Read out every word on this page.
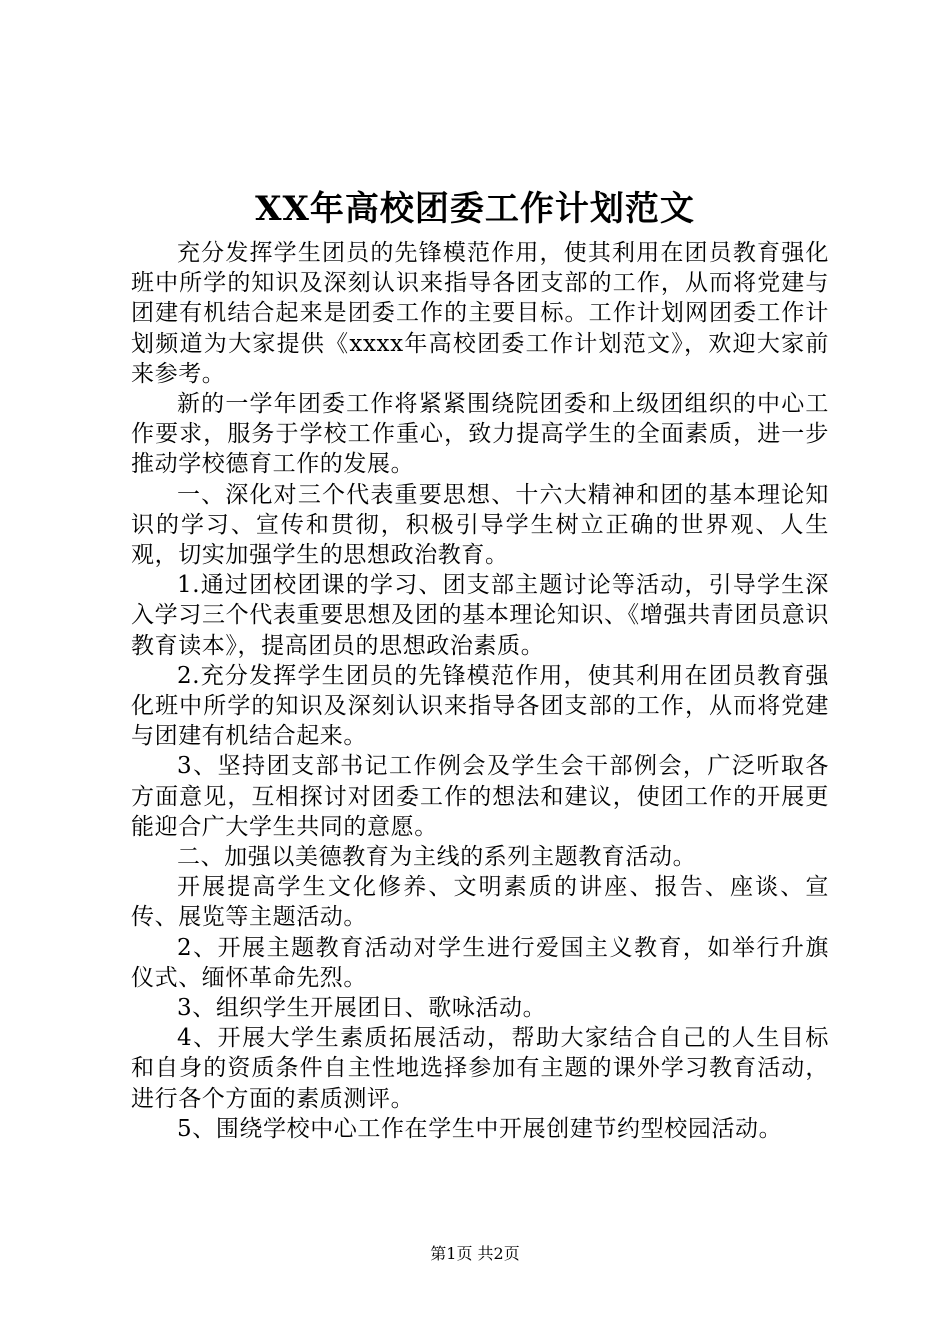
XX年高校团委工作计划范文

充分发挥学生团员的先锋模范作用，使其利用在团员教育强化班中所学的知识及深刻认识来指导各团支部的工作，从而将党建与团建有机结合起来是团委工作的主要目标。工作计划网团委工作计划频道为大家提供《xxxx年高校团委工作计划范文》，欢迎大家前来参考。

新的一学年团委工作将紧紧围绕院团委和上级团组织的中心工作要求，服务于学校工作重心，致力提高学生的全面素质，进一步推动学校德育工作的发展。

一、深化对三个代表重要思想、十六大精神和团的基本理论知识的学习、宣传和贯彻，积极引导学生树立正确的世界观、人生观，切实加强学生的思想政治教育。

1.通过团校团课的学习、团支部主题讨论等活动，引导学生深入学习三个代表重要思想及团的基本理论知识、《增强共青团员意识教育读本》，提高团员的思想政治素质。

2.充分发挥学生团员的先锋模范作用，使其利用在团员教育强化班中所学的知识及深刻认识来指导各团支部的工作，从而将党建与团建有机结合起来。

3、坚持团支部书记工作例会及学生会干部例会，广泛听取各方面意见，互相探讨对团委工作的想法和建议，使团工作的开展更能迎合广大学生共同的意愿。

二、加强以美德教育为主线的系列主题教育活动。

开展提高学生文化修养、文明素质的讲座、报告、座谈、宣传、展览等主题活动。

2、开展主题教育活动对学生进行爱国主义教育，如举行升旗仪式、缅怀革命先烈。

3、组织学生开展团日、歌咏活动。

4、开展大学生素质拓展活动，帮助大家结合自己的人生目标和自身的资质条件自主性地选择参加有主题的课外学习教育活动，进行各个方面的素质测评。

5、围绕学校中心工作在学生中开展创建节约型校园活动。

第1页 共2页
